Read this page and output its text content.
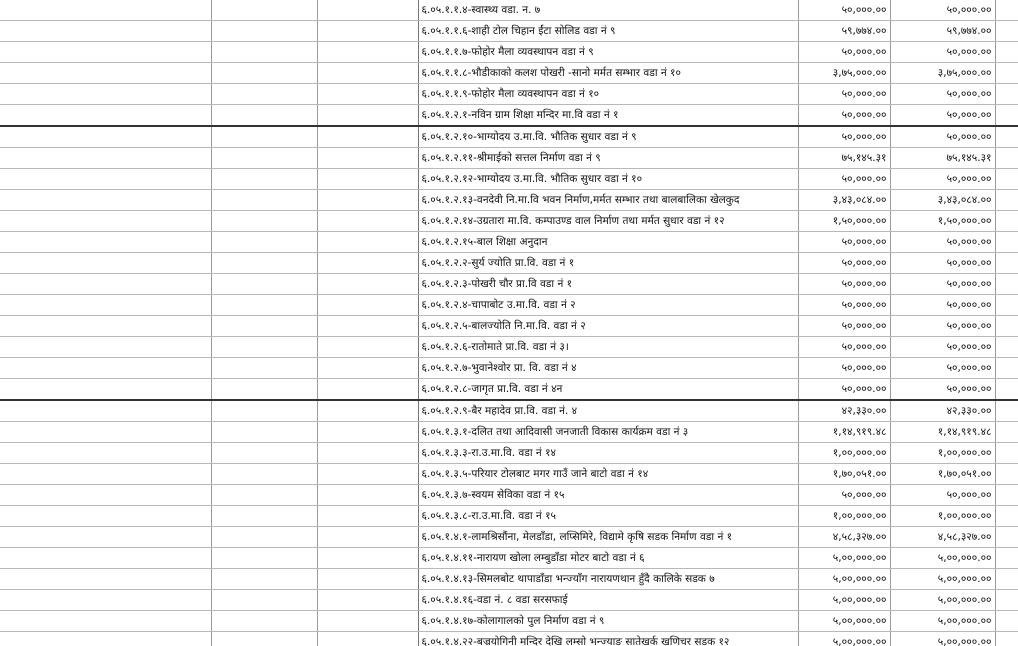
			६.०५.१.१.४-स्वास्थ्य वडा. न. ७	५०,०००.००	५०,०००.००	
			६.०५.१.१.६-शाही टोल चिहान ईंटा सोलिड वडा नं ९	५९,७७४.००	५९,७७४.००	
			६.०५.१.१.७-फोहोर मैला व्यवस्थापन वडा नं ९	५०,०००.००	५०,०००.००	
			६.०५.१.१.८-भौडीकाको कलश पोखरी -सानो मर्मत सम्भार वडा नं १०	३,७५,०००.००	३,७५,०००.००	
			६.०५.१.१.९-फोहोर मैला व्यवस्थापन वडा नं १०	५०,०००.००	५०,०००.००	
			६.०५.१.२.१-नविन ग्राम शिक्षा मन्दिर मा.वि वडा नं १	५०,०००.००	५०,०००.००	
			६.०५.१.२.१०-भाग्योदय उ.मा.वि. भौतिक सुधार वडा नं ९	५०,०००.००	५०,०००.००	
			६.०५.१.२.११-श्रीमाईको सत्तल निर्माण वडा नं ९	७५,१४५.३१	७५,१४५.३१	
			६.०५.१.२.१२-भाग्योदय उ.मा.वि. भौतिक सुधार वडा नं १०	५०,०००.००	५०,०००.००	
			६.०५.१.२.१३-वनदेवी नि.मा.वि भवन निर्माण,मर्मत सम्भार तथा बालबालिका खेलकुद	३,४३,०८४.००	३,४३,०८४.००	
			६.०५.१.२.१४-उग्रतारा मा.वि. कम्पाउण्ड वाल निर्माण तथा मर्मत सुधार वडा नं १२	१,५०,०००.००	१,५०,०००.००	
			६.०५.१.२.१५-बाल शिक्षा अनुदान	५०,०००.००	५०,०००.००	
			६.०५.१.२.२-सुर्य ज्योति प्रा.वि. वडा नं १	५०,०००.००	५०,०००.००	
			६.०५.१.२.३-पोखरी चौर प्रा.वि वडा नं १	५०,०००.००	५०,०००.००	
			६.०५.१.२.४-चापाबोट उ.मा.वि. वडा नं २	५०,०००.००	५०,०००.००	
			६.०५.१.२.५-बालज्योति नि.मा.वि. वडा नं २	५०,०००.००	५०,०००.००	
			६.०५.१.२.६-रातोमाते प्रा.वि. वडा नं ३।	५०,०००.००	५०,०००.००	
			६.०५.१.२.७-भुवानेश्वोर प्रा. वि. वडा नं ४	५०,०००.००	५०,०००.००	
			६.०५.१.२.८-जागृत प्रा.वि. वडा नं ४न	५०,०००.००	५०,०००.००	
			६.०५.१.२.९-बैर महादेव प्रा.वि. वडा नं. ४	४२,३३०.००	४२,३३०.००	
			६.०५.१.३.१-दलित तथा आदिवासी जनजाती विकास कार्यक्रम वडा नं ३	१,१४,९१९.४८	१,१४,९१९.४८	
			६.०५.१.३.३-रा.उ.मा.वि. वडा नं १४	१,००,०००.००	१,००,०००.००	
			६.०५.१.३.५-परियार टोलबाट मगर गाउँ जाने बाटो वडा नं १४	१,७०,०५१.००	१,७०,०५१.००	
			६.०५.१.३.७-स्वयम सेविका वडा नं १५	५०,०००.००	५०,०००.००	
			६.०५.१.३.८-रा.उ.मा.वि. वडा नं १५	१,००,०००.००	१,००,०००.००	
			६.०५.१.४.१-लामश्रिसौंना, मेलडाँडा, लप्सिमिरे, विद्यामे कृषि सडक निर्माण वडा नं १	४,५८,३२७.००	४,५८,३२७.००	
			६.०५.१.४.११-नारायण खोला लम्बुडाँडा मोटर बाटो वडा नं ६	५,००,०००.००	५,००,०००.००	
			६.०५.१.४.१३-सिमलबोट थापाडाँडा भन्ज्याँग नारायणथान हुँदै कालिके सडक ७	५,००,०००.००	५,००,०००.००	
			६.०५.१.४.१६-वडा नं. ८ वडा सरसफाई	५,००,०००.००	५,००,०००.००	
			६.०५.१.४.१७-कोलागालको पुल निर्माण वडा नं ९	५,००,०००.००	५,००,०००.००	
			६.०५.१.४.२२-बज्रयोगिनी मन्दिर देखि लम्सो भन्ज्याङ सातेखर्क खणिचर सडक १२	५,००,०००.००	५,००,०००.००	
